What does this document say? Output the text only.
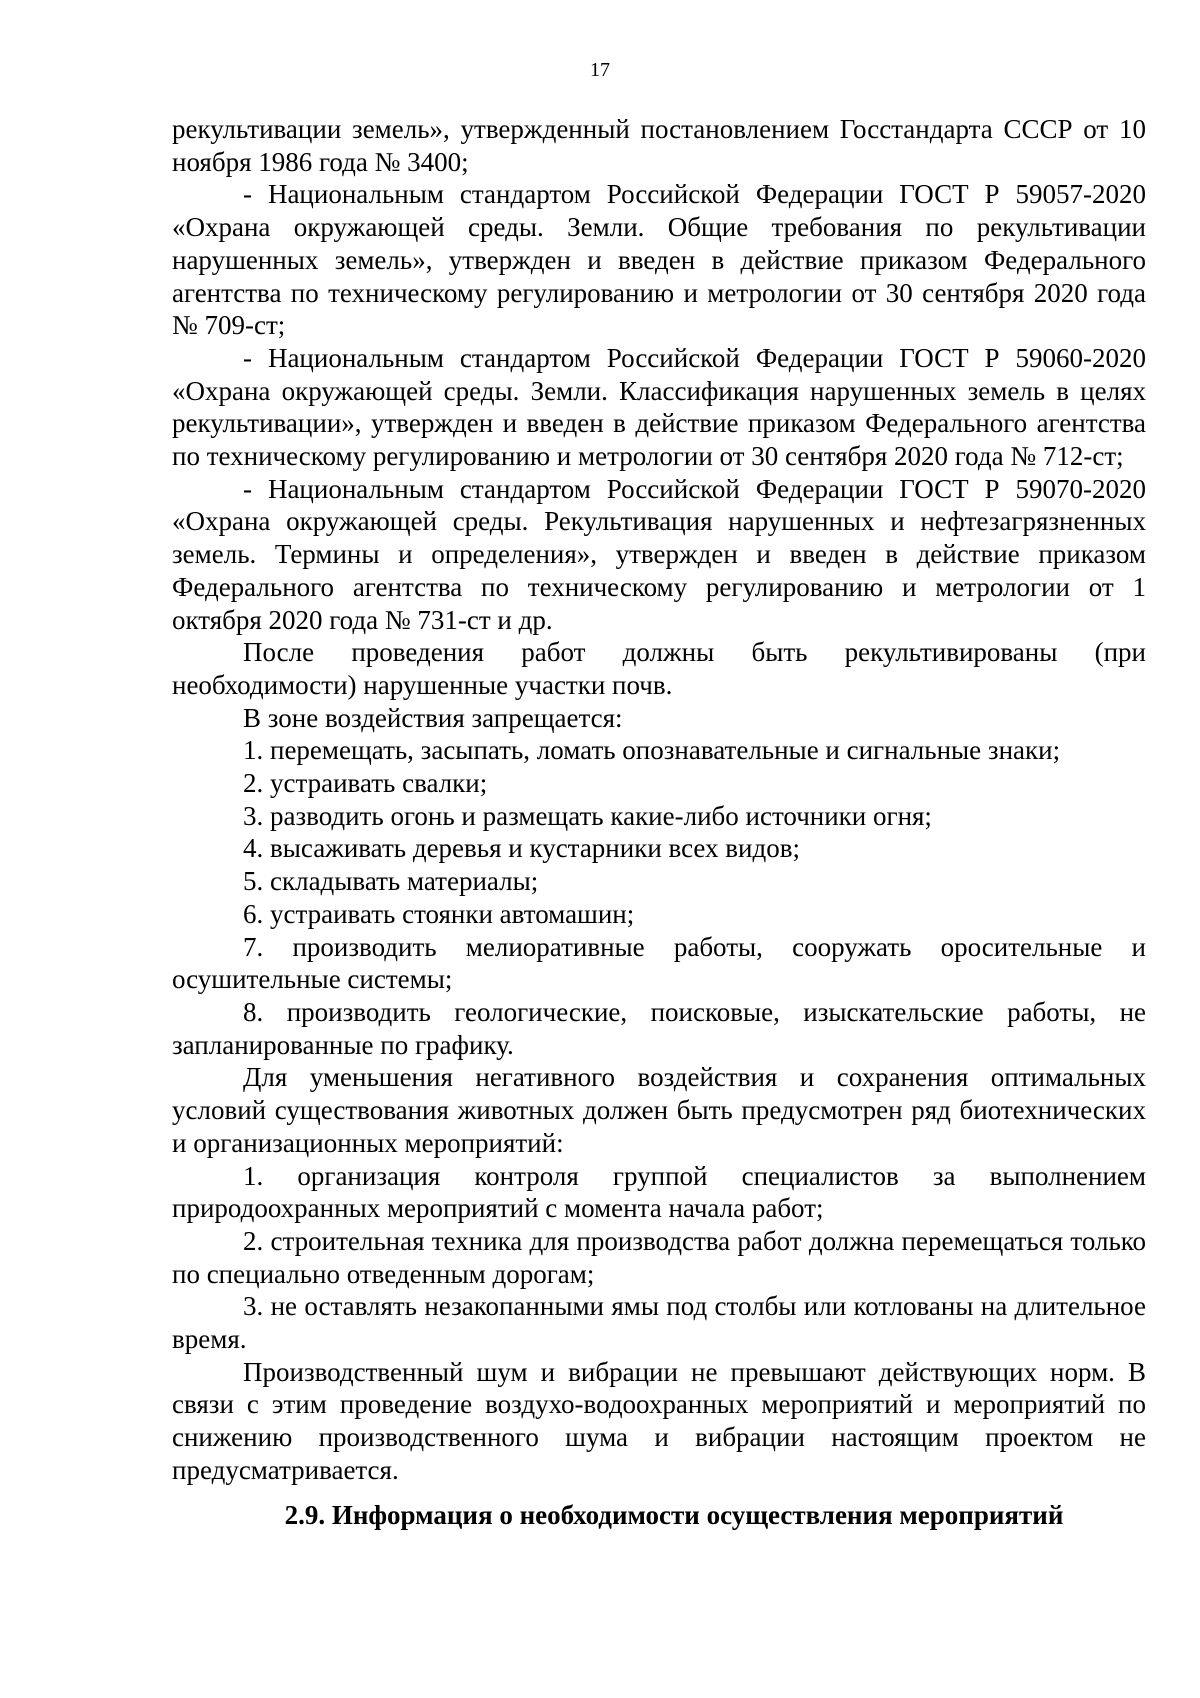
17

рекультивации земель», утвержденный постановлением Госстандарта СССР от 10 ноября 1986 года № 3400;

- Национальным стандартом Российской Федерации ГОСТ Р 59057-2020 «Охрана окружающей среды. Земли. Общие требования по рекультивации нарушенных земель», утвержден и введен в действие приказом Федерального агентства по техническому регулированию и метрологии от 30 сентября 2020 года № 709-ст;

- Национальным стандартом Российской Федерации ГОСТ Р 59060-2020 «Охрана окружающей среды. Земли. Классификация нарушенных земель в целях рекультивации», утвержден и введен в действие приказом Федерального агентства по техническому регулированию и метрологии от 30 сентября 2020 года № 712-ст;

- Национальным стандартом Российской Федерации ГОСТ Р 59070-2020 «Охрана окружающей среды. Рекультивация нарушенных и нефтезагрязненных земель. Термины и определения», утвержден и введен в действие приказом Федерального агентства по техническому регулированию и метрологии от 1 октября 2020 года № 731-ст и др.

После проведения работ должны быть рекультивированы (при необходимости) нарушенные участки почв.

В зоне воздействия запрещается:

1. перемещать, засыпать, ломать опознавательные и сигнальные знаки;

2. устраивать свалки;

3. разводить огонь и размещать какие-либо источники огня;

4. высаживать деревья и кустарники всех видов;

5. складывать материалы;

6. устраивать стоянки автомашин;

7. производить мелиоративные работы, сооружать оросительные и осушительные системы;

8. производить геологические, поисковые, изыскательские работы, не запланированные по графику.

Для уменьшения негативного воздействия и сохранения оптимальных условий существования животных должен быть предусмотрен ряд биотехнических и организационных мероприятий:

1. организация контроля группой специалистов за выполнением природоохранных мероприятий с момента начала работ;

2. строительная техника для производства работ должна перемещаться только по специально отведенным дорогам;

3. не оставлять незакопанными ямы под столбы или котлованы на длительное время.

Производственный шум и вибрации не превышают действующих норм. В связи с этим проведение воздухо-водоохранных мероприятий и мероприятий по снижению производственного шума и вибрации настоящим проектом не предусматривается.

2.9. Информация о необходимости осуществления мероприятий
